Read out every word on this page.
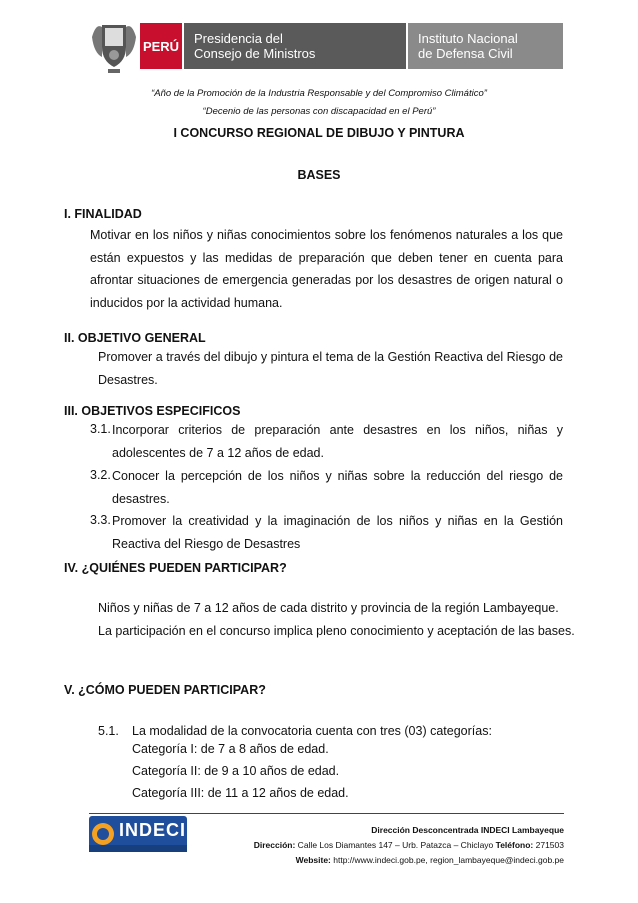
PERÚ Presidencia del
Consejo de Ministros
Instituto Nacional
de Defensa Civil
“Año de la Promoción de la Industria Responsable y del Compromiso Climático”
“Decenio de las personas con discapacidad en el Perú”
I CONCURSO REGIONAL DE DIBUJO Y PINTURA
BASES
I. FINALIDAD
Motivar en los niños y niñas conocimientos sobre los fenómenos naturales a los que están expuestos y las medidas de preparación que deben tener en cuenta para afrontar situaciones de emergencia generadas por los desastres de origen natural o inducidos por la actividad humana.
II. OBJETIVO GENERAL
Promover a través del dibujo y pintura el tema de la Gestión Reactiva del Riesgo de Desastres.
III. OBJETIVOS ESPECIFICOS
3.1. Incorporar criterios de preparación ante desastres en los niños, niñas y adolescentes de 7 a 12 años de edad.
3.2. Conocer la percepción de los niños y niñas sobre la reducción del riesgo de desastres.
3.3. Promover la creatividad y la imaginación de los niños y niñas en la Gestión Reactiva del Riesgo de Desastres
IV. ¿QUIÉNES PUEDEN PARTICIPAR?
Niños y niñas de 7 a 12 años de cada distrito y provincia de la región Lambayeque.
La participación en el concurso implica pleno conocimiento y aceptación de las bases.
V. ¿CÓMO PUEDEN PARTICIPAR?
5.1. La modalidad de la convocatoria cuenta con tres (03) categorías:
Categoría I: de 7 a 8 años de edad.
Categoría II: de 9 a 10 años de edad.
Categoría III: de 11 a 12 años de edad.
INDECI	Dirección Desconcentrada INDECI Lambayeque
Dirección: Calle Los Diamantes 147 – Urb. Patazca – Chiclayo Teléfono: 271503
Website: http://www.indeci.gob.pe, region_lambayeque@indeci.gob.pe
